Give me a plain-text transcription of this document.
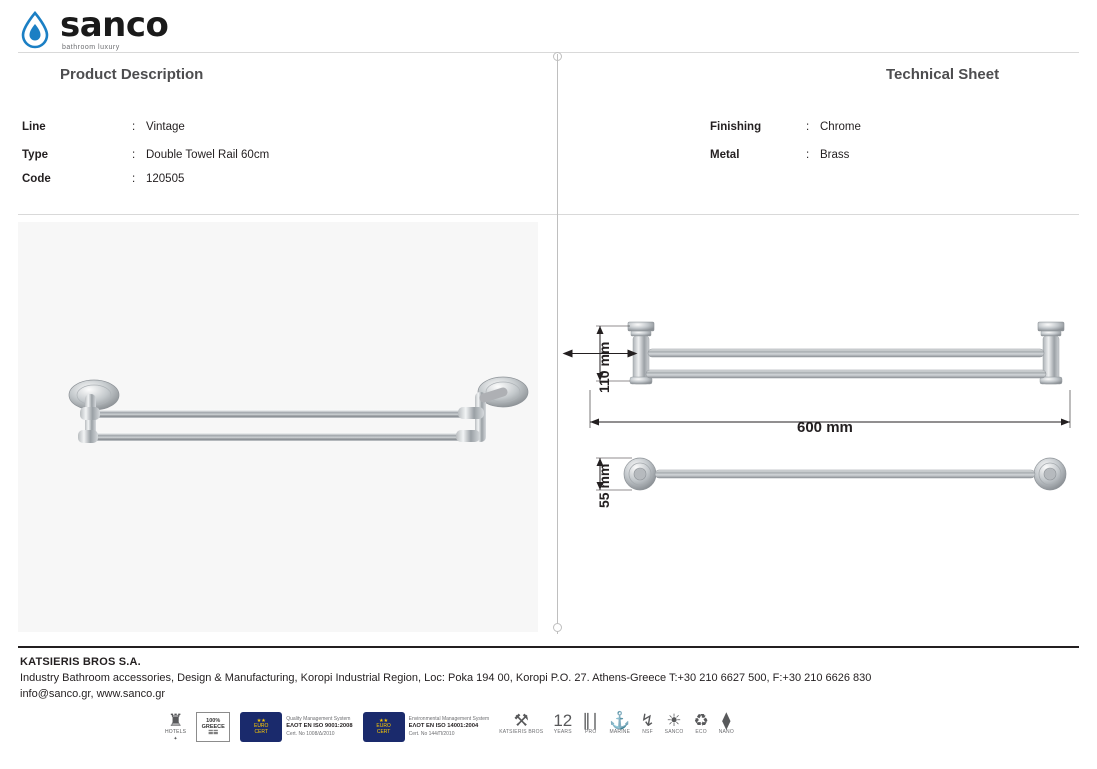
sanco
bathroom luxury
Product Description	Technical Sheet
Line	: Vintage
Type	: Double Towel Rail 60cm
Code	: 120505
Finishing	: Chrome
Metal	: Brass
110 mm
55 mm
600 mm
KATSIERIS BROS S.A.
Industry Bathroom accessories, Design & Manufacturing, Koropi Industrial Region, Loc: Poka 194 00, Koropi P.O. 27. Athens-Greece T:+30 210 6627 500, F:+30 210 6626 830
info@sanco.gr, www.sanco.gr
♜
HOTELS
✦
100%
GREECE
☰☰
★★
EURO
CERT
Quality Management System
EΛOT EN ISO 9001:2008
Cert. No 1008/Δ/2010
★★
EURO
CERT
Environmental Management System
EΛOT EN ISO 14001:2004
Cert. No 144/Π/2010
⚒
KATSIERIS BROS
12
YEARS
∥∣
PRO
⚓
MARINE
↯
NSF
☀
SANCO
♻
ECO
⧫
NANO
